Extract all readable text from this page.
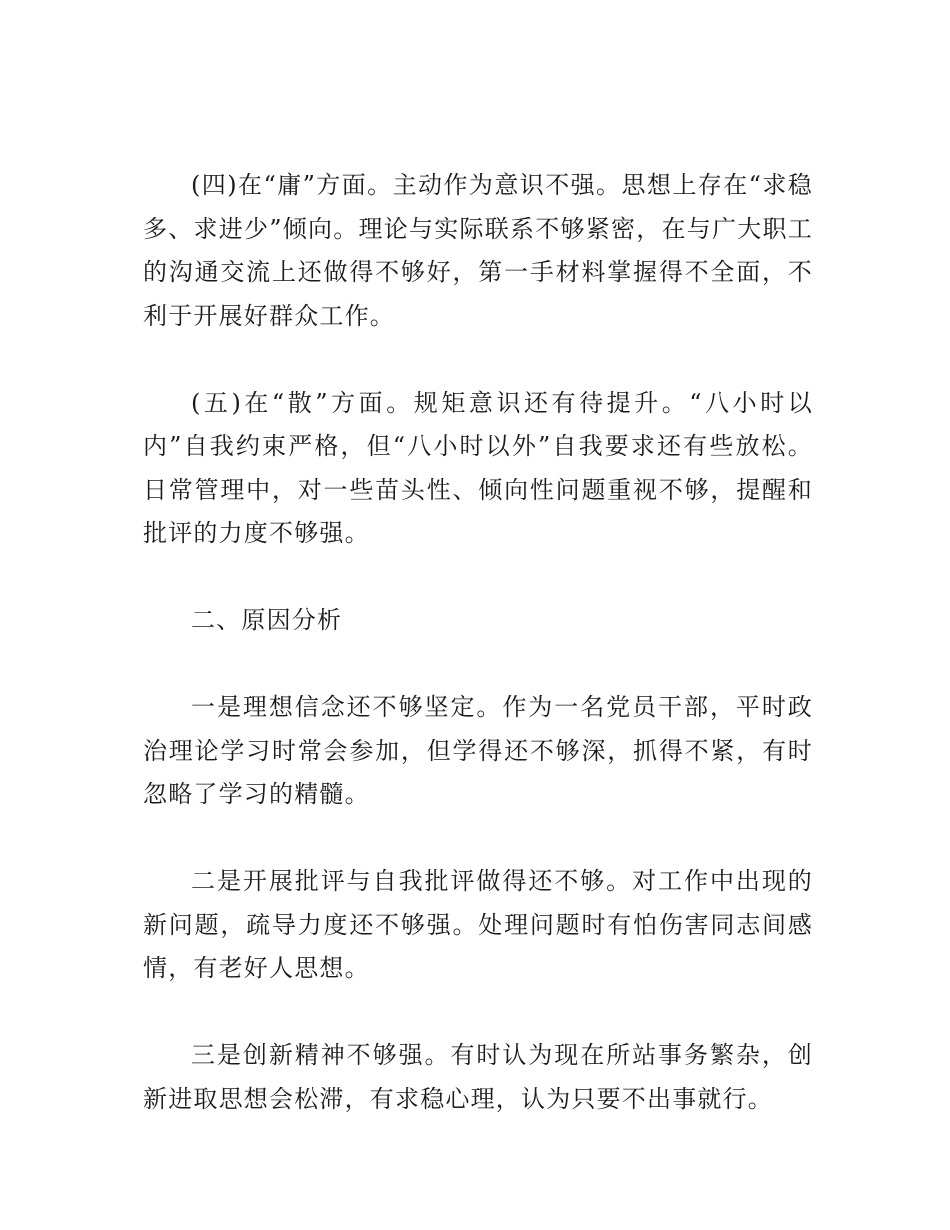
(四)在“庸”方面。主动作为意识不强。思想上存在“求稳多、求进少”倾向。理论与实际联系不够紧密，在与广大职工的沟通交流上还做得不够好，第一手材料掌握得不全面，不利于开展好群众工作。

(五)在“散”方面。规矩意识还有待提升。“八小时以内”自我约束严格，但“八小时以外”自我要求还有些放松。日常管理中，对一些苗头性、倾向性问题重视不够，提醒和批评的力度不够强。

二、原因分析

一是理想信念还不够坚定。作为一名党员干部，平时政治理论学习时常会参加，但学得还不够深，抓得不紧，有时忽略了学习的精髓。

二是开展批评与自我批评做得还不够。对工作中出现的新问题，疏导力度还不够强。处理问题时有怕伤害同志间感情，有老好人思想。

三是创新精神不够强。有时认为现在所站事务繁杂，创新进取思想会松滞，有求稳心理，认为只要不出事就行。
